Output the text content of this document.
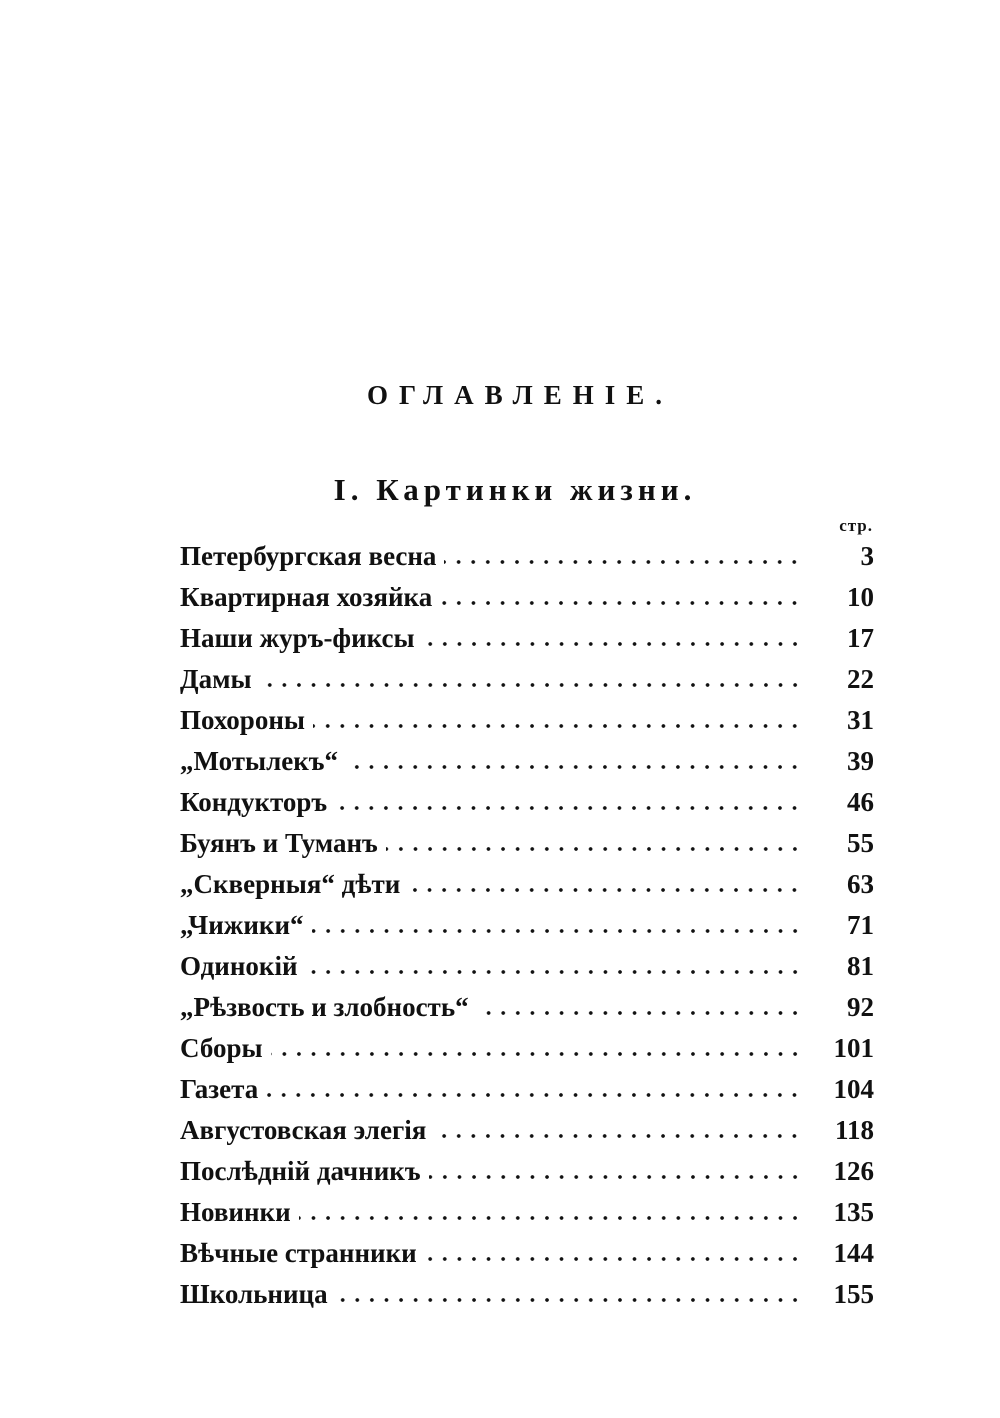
ОГЛАВЛЕНІЕ.
I. Картинки жизни.
стр.
Петербургская весна	3
Квартирная хозяйка	10
Наши журъ-фиксы	17
Дамы	22
Похороны	31
„Мотылекъ“	39
Кондукторъ	46
Буянъ и Туманъ	55
„Скверныя“ дѣти	63
„Чижики“	71
Одинокій	81
„Рѣзвость и злобность“	92
Сборы	101
Газета	104
Августовская элегія	118
Послѣдній дачникъ	126
Новинки	135
Вѣчные странники	144
Школьница	155
